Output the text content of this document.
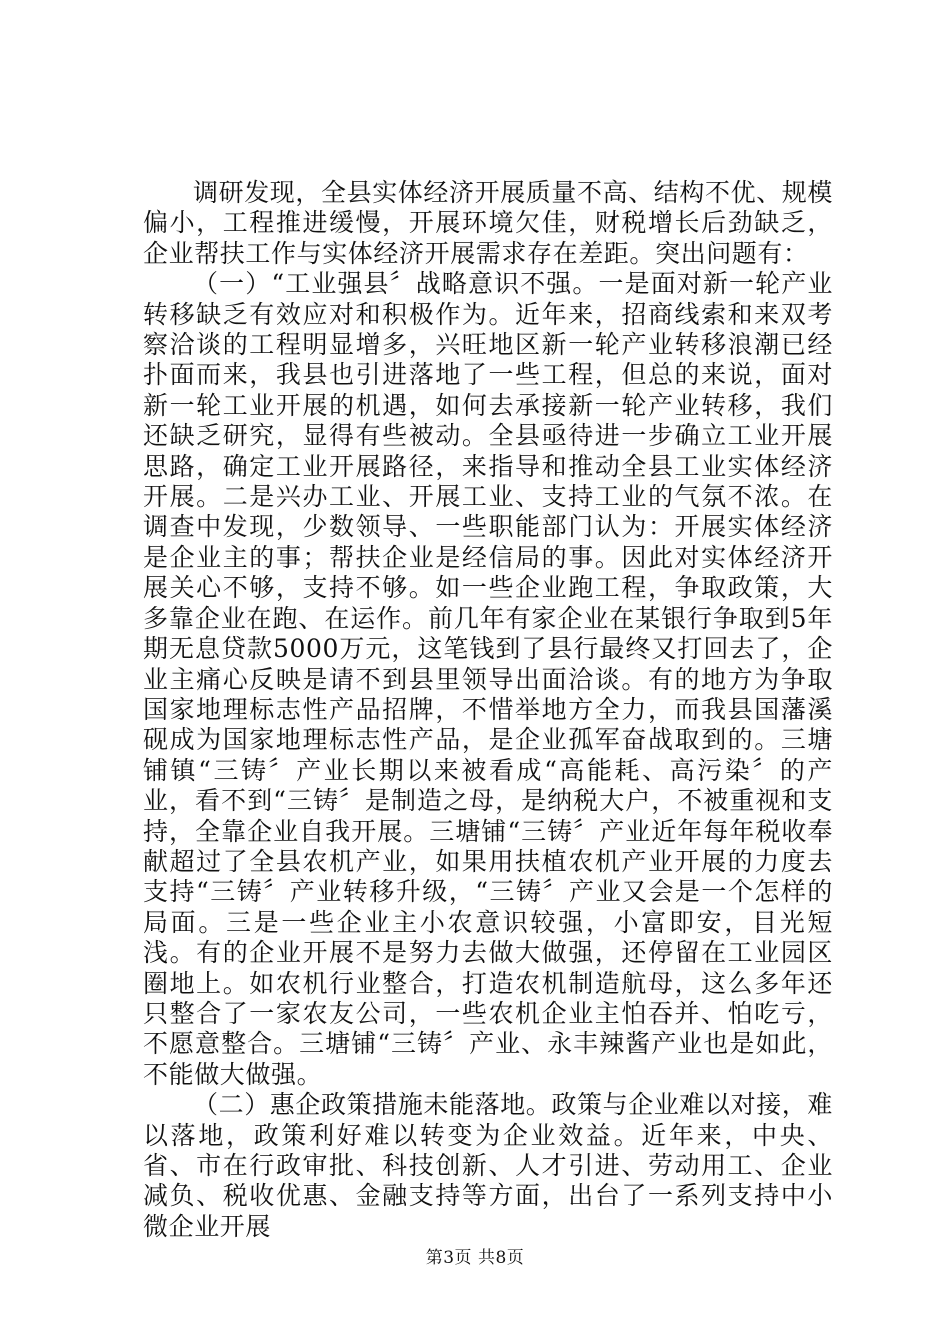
调研发现，全县实体经济开展质量不高、结构不优、规模偏小，工程推进缓慢，开展环境欠佳，财税增长后劲缺乏，企业帮扶工作与实体经济开展需求存在差距。突出问题有：

（一）“工业强县〞战略意识不强。一是面对新一轮产业转移缺乏有效应对和积极作为。近年来，招商线索和来双考察洽谈的工程明显增多，兴旺地区新一轮产业转移浪潮已经扑面而来，我县也引进落地了一些工程，但总的来说，面对新一轮工业开展的机遇，如何去承接新一轮产业转移，我们还缺乏研究，显得有些被动。全县亟待进一步确立工业开展思路，确定工业开展路径，来指导和推动全县工业实体经济开展。二是兴办工业、开展工业、支持工业的气氛不浓。在调查中发现，少数领导、一些职能部门认为：开展实体经济是企业主的事；帮扶企业是经信局的事。因此对实体经济开展关心不够，支持不够。如一些企业跑工程，争取政策，大多靠企业在跑、在运作。前几年有家企业在某银行争取到5年期无息贷款5000万元，这笔钱到了县行最终又打回去了，企业主痛心反映是请不到县里领导出面洽谈。有的地方为争取国家地理标志性产品招牌，不惜举地方全力，而我县国藩溪砚成为国家地理标志性产品，是企业孤军奋战取到的。三塘铺镇“三铸〞产业长期以来被看成“高能耗、高污染〞的产业，看不到“三铸〞是制造之母，是纳税大户，不被重视和支持，全靠企业自我开展。三塘铺“三铸〞产业近年每年税收奉献超过了全县农机产业，如果用扶植农机产业开展的力度去支持“三铸〞产业转移升级，“三铸〞产业又会是一个怎样的局面。三是一些企业主小农意识较强，小富即安，目光短浅。有的企业开展不是努力去做大做强，还停留在工业园区圈地上。如农机行业整合，打造农机制造航母，这么多年还只整合了一家农友公司，一些农机企业主怕吞并、怕吃亏，不愿意整合。三塘铺“三铸〞产业、永丰辣酱产业也是如此，不能做大做强。

（二）惠企政策措施未能落地。政策与企业难以对接，难以落地，政策利好难以转变为企业效益。近年来，中央、省、市在行政审批、科技创新、人才引进、劳动用工、企业减负、税收优惠、金融支持等方面，出台了一系列支持中小微企业开展

第3页 共8页
